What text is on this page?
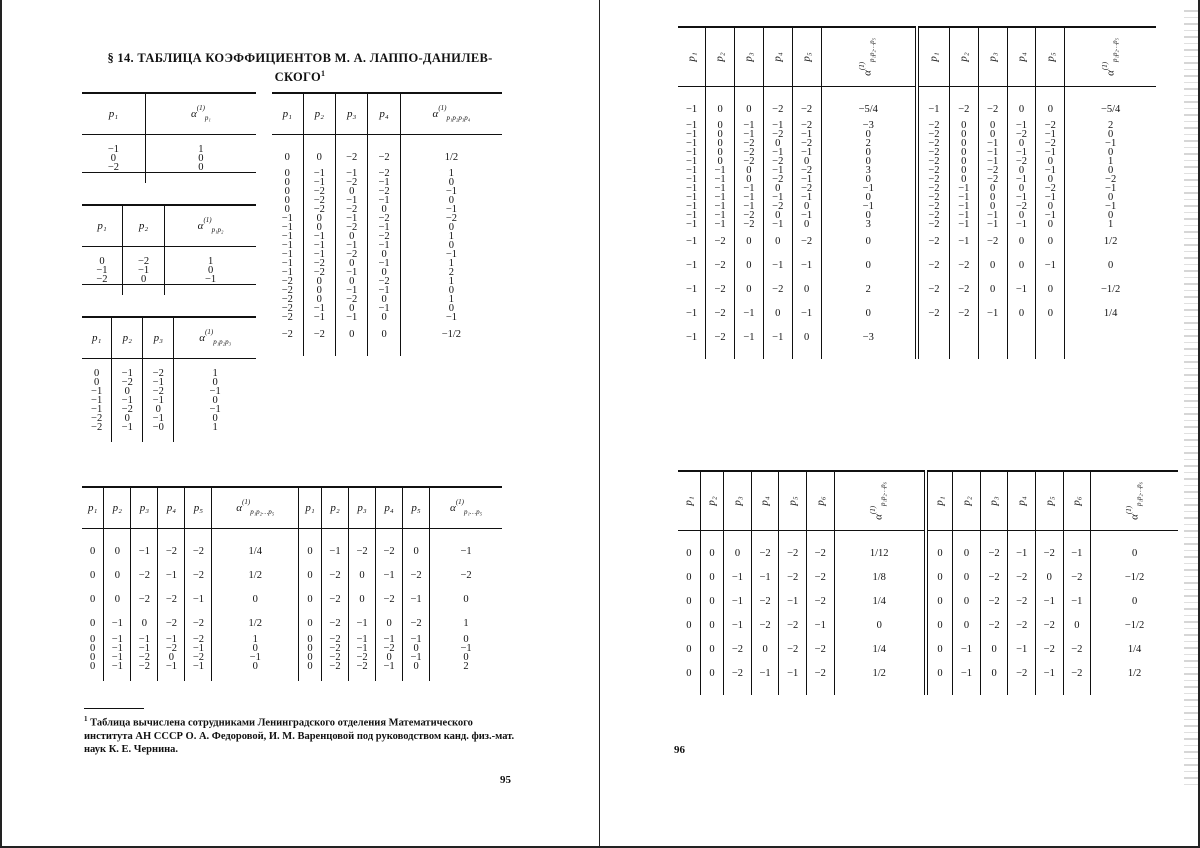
§ 14. ТАБЛИЦА КОЭФФИЦИЕНТОВ М. А. ЛАППО-ДАНИЛЕВ-
СКОГО$^1$
p₁	$\alpha^{(1)}_{p_1}$

−1	1
0	0
−2	0

p₁	p₂	$\alpha^{(1)}_{p_1p_2}$

0	−2	1
−1	−1	0
−2	0	−1

p₁	p₂	p₃	$\alpha^{(1)}_{p_1p_2p_3}$

0	−1	−2	1
0	−2	−1	0
−1	0	−2	−1
−1	−1	−1	0
−1	−2	0	−1
−2	0	−1	0
−2	−1	−0	1

p₁	p₂	p₃	p₄	$\alpha^{(1)}_{p_1p_2p_3p_4}$

0	0	−2	−2	1/2
0	−1	−1	−2	1
0	−1	−2	−1	0
0	−2	0	−2	−1
0	−2	−1	−1	0
0	−2	−2	0	−1
−1	0	−1	−2	−2
−1	0	−2	−1	0
−1	−1	0	−2	1
−1	−1	−1	−1	0
−1	−1	−2	0	−1
−1	−2	0	−1	1
−1	−2	−1	0	2
−2	0	0	−2	1
−2	0	−1	−1	0
−2	0	−2	0	1
−2	−1	0	−1	0
−2	−1	−1	0	−1
−2	−2	0	0	−1/2

p₁	p₂	p₃	p₄	p₅	$\alpha^{(1)}_{p_1p_2\dots p_5}$	p₁	p₂	p₃	p₄	p₅	$\alpha^{(1)}_{p_1\dots p_5}$

0	0	−1	−2	−2	1/4	0	−1	−2	−2	0	−1
0	0	−2	−1	−2	1/2	0	−2	0	−1	−2	−2
0	0	−2	−2	−1	0	0	−2	0	−2	−1	0
0	−1	0	−2	−2	1/2	0	−2	−1	0	−2	1
0	−1	−1	−1	−2	1	0	−2	−1	−1	−1	0
0	−1	−1	−2	−1	0	0	−2	−1	−2	0	−1
0	−1	−2	0	−2	−1	0	−2	−2	0	−1	0
0	−1	−2	−1	−1	0	0	−2	−2	−1	0	2

$^1$ Таблица вычислена сотрудниками Ленинградского отделения Математического института АН СССР О. А. Федоровой, И. М. Варенцовой под руководством канд. физ.-мат. наук К. Е. Чернина.
95
p₁	p₂	p₃	p₄	p₅	$\alpha^{(1)}_{p_1p_2\dots p_5}$	p₁	p₂	p₃	p₄	p₅	$\alpha^{(1)}_{p_1p_2\dots p_5}$

−1	0	0	−2	−2	−5/4	−1	−2	−2	0	0	−5/4
−1	0	−1	−1	−2	−3	−2	0	0	−1	−2	2
−1	0	−1	−2	−1	0	−2	0	0	−2	−1	0
−1	0	−2	0	−2	2	−2	0	−1	0	−2	−1
−1	0	−2	−1	−1	0	−2	0	−1	−1	−1	0
−1	0	−2	−2	0	0	−2	0	−1	−2	0	1
−1	−1	0	−1	−2	3	−2	0	−2	0	−1	0
−1	−1	0	−2	−1	0	−2	0	−2	−1	0	−2
−1	−1	−1	0	−2	−1	−2	−1	0	0	−2	−1
−1	−1	−1	−1	−1	0	−2	−1	0	−1	−1	0
−1	−1	−1	−2	0	−1	−2	−1	0	−2	0	−1
−1	−1	−2	0	−1	0	−2	−1	−1	0	−1	0
−1	−1	−2	−1	0	3	−2	−1	−1	−1	0	1
−1	−2	0	0	−2	0	−2	−1	−2	0	0	1/2
−1	−2	0	−1	−1	0	−2	−2	0	0	−1	0
−1	−2	0	−2	0	2	−2	−2	0	−1	0	−1/2
−1	−2	−1	0	−1	0	−2	−2	−1	0	0	1/4
−1	−2	−1	−1	0	−3						

p₁	p₂	p₃	p₄	p₅	p₆	$\alpha^{(1)}_{p_1p_2\dots p_6}$	p₁	p₂	p₃	p₄	p₅	p₆	$\alpha^{(1)}_{p_1p_2\dots p_6}$

0	0	0	−2	−2	−2	1/12	0	0	−2	−1	−2	−1	0
0	0	−1	−1	−2	−2	1/8	0	0	−2	−2	0	−2	−1/2
0	0	−1	−2	−1	−2	1/4	0	0	−2	−2	−1	−1	0
0	0	−1	−2	−2	−1	0	0	0	−2	−2	−2	0	−1/2
0	0	−2	0	−2	−2	1/4	0	−1	0	−1	−2	−2	1/4
0	0	−2	−1	−1	−2	1/2	0	−1	0	−2	−1	−2	1/2

96
